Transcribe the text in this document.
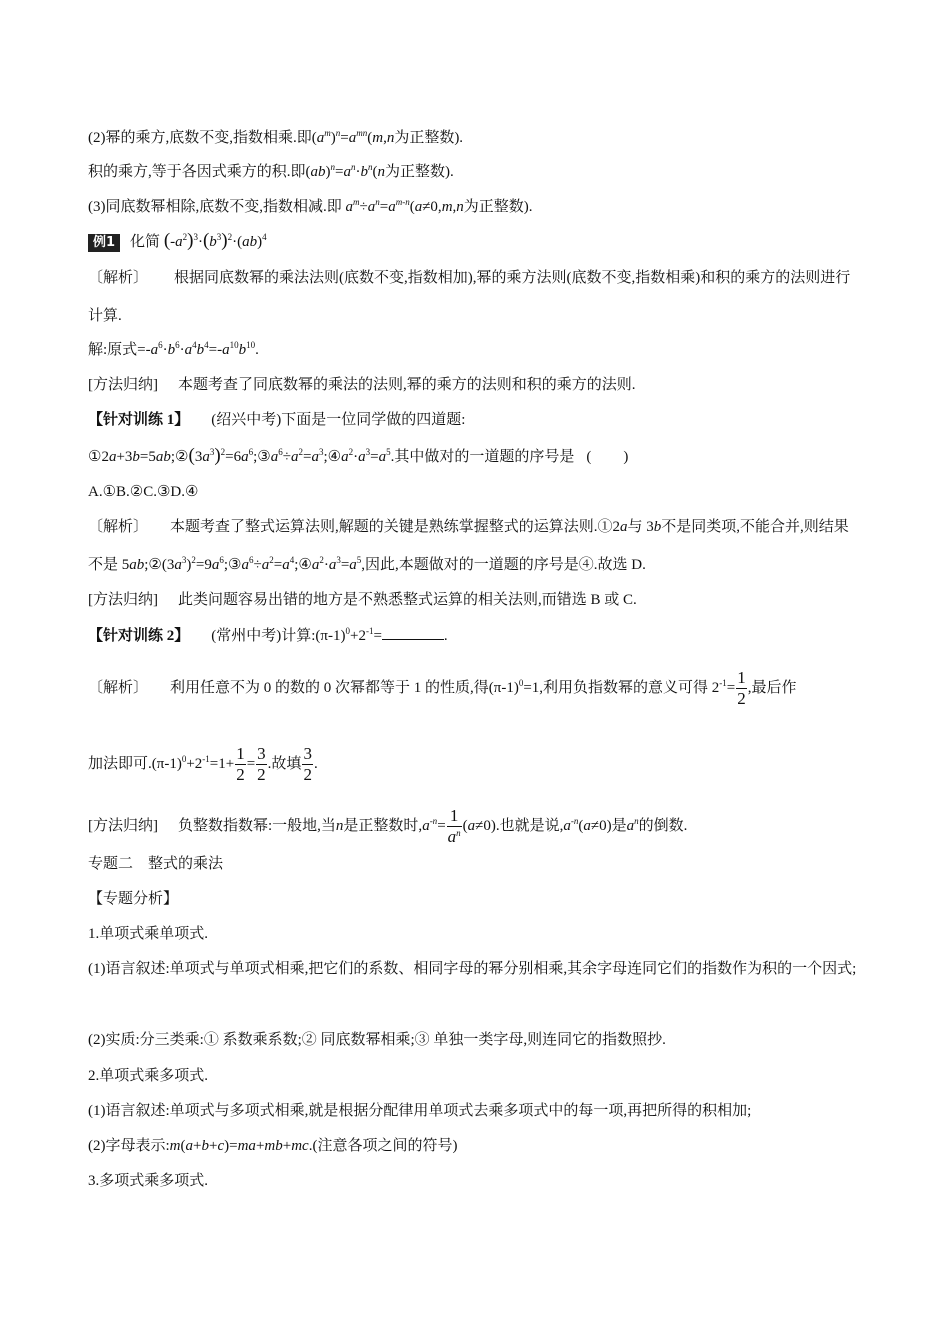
(2)幂的乘方,底数不变,指数相乘.即$(a^m)^n=a^{mn}(m,n$为正整数).
积的乘方,等于各因式乘方的积.即$(ab)^n=a^n\cdot b^n(n$为正整数).
(3)同底数幂相除,底数不变,指数相减.即 $a^m\div a^n=a^{m-n}(a\ne 0,m,n$为正整数).
例1 化简 $(-a^2)^3\cdot(b^3)^2\cdot(ab)^4$
〔解析〕 根据同底数幂的乘法法则(底数不变,指数相加),幂的乘方法则(底数不变,指数相乘)和积的乘方的法则进行计算.
解:原式$=-a^6\cdot b^6\cdot a^4b^4=-a^{10}b^{10}$.
[方法归纳] 本题考查了同底数幂的乘法的法则,幂的乘方的法则和积的乘方的法则.
【针对训练 1】 (绍兴中考)下面是一位同学做的四道题:
$①2a+3b=5ab;②(3a^3)^2=6a^6;③a^6\div a^2=a^3;④a^2\cdot a^3=a^5$.其中做对的一道题的序号是 ( )
A.①B.②C.③D.④
〔解析〕 本题考查了整式运算法则,解题的关键是熟练掌握整式的运算法则.①2a与 3b不是同类项,不能合并,则结果不是 $5ab;②(3a^3)^2=9a^6;③a^6\div a^2=a^4;④a^2\cdot a^3=a^5$,因此,本题做对的一道题的序号是④.故选 D.
[方法归纳] 此类问题容易出错的地方是不熟悉整式运算的相关法则,而错选 B 或 C.
【针对训练 2】 (常州中考)计算$:(\pi-1)^0+2^{-1}=$	.
〔解析〕 利用任意不为 0 的数的 0 次幂都等于 1 的性质,得$(\pi-1)^0=1$,利用负指数幂的意义可得 $2^{-1}= \frac{1}{2}$ ,最后作
加法即可$.(\pi-1)^0+2^{-1}=1+ \frac{1}{2} = \frac{3}{2}$ .故填 $\frac{3}{2}$ .
[方法归纳] 负整数指数幂:一般地,当n是正整数时$,a^{-n}= \frac{1}{a^n} (a\ne 0)$.也就是说$,a^{-n}(a\ne 0)$是$a^n$的倒数.
专题二　整式的乘法
【专题分析】
1.单项式乘单项式.
(1)语言叙述:单项式与单项式相乘,把它们的系数、相同字母的幂分别相乘,其余字母连同它们的指数作为积的一个因式;
(2)实质:分三类乘:① 系数乘系数;② 同底数幂相乘;③ 单独一类字母,则连同它的指数照抄.
2.单项式乘多项式.
(1)语言叙述:单项式与多项式相乘,就是根据分配律用单项式去乘多项式中的每一项,再把所得的积相加;
(2)字母表示:m(a+b+c)=ma+mb+mc.(注意各项之间的符号)
3.多项式乘多项式.
